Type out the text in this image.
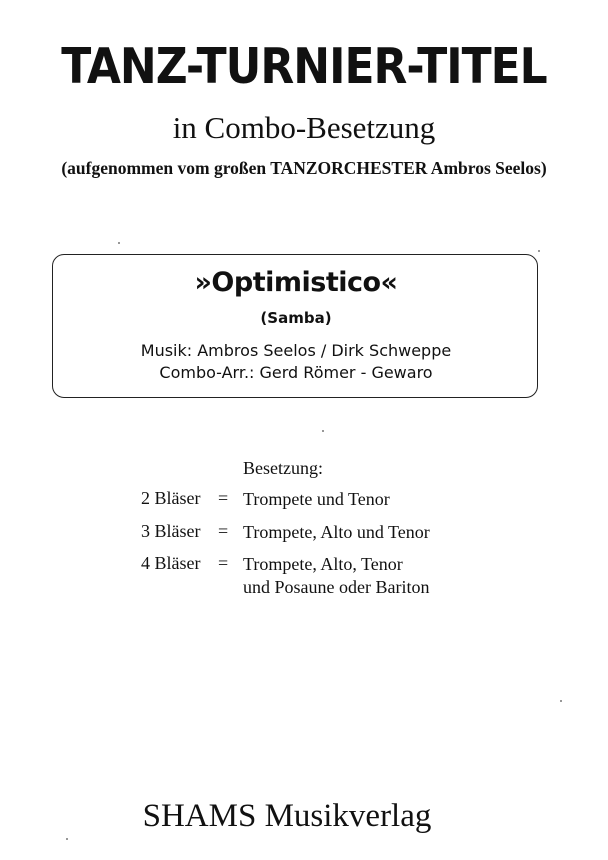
TANZ-TURNIER-TITEL
in Combo-Besetzung
(aufgenommen vom großen TANZORCHESTER Ambros Seelos)
»Optimistico«
(Samba)
Musik: Ambros Seelos / Dirk Schweppe
Combo-Arr.: Gerd Römer - Gewaro
Besetzung:
2 Bläser = Trompete und Tenor
3 Bläser = Trompete, Alto und Tenor
4 Bläser = Trompete, Alto, Tenor
und Posaune oder Bariton
SHAMS Musikverlag
